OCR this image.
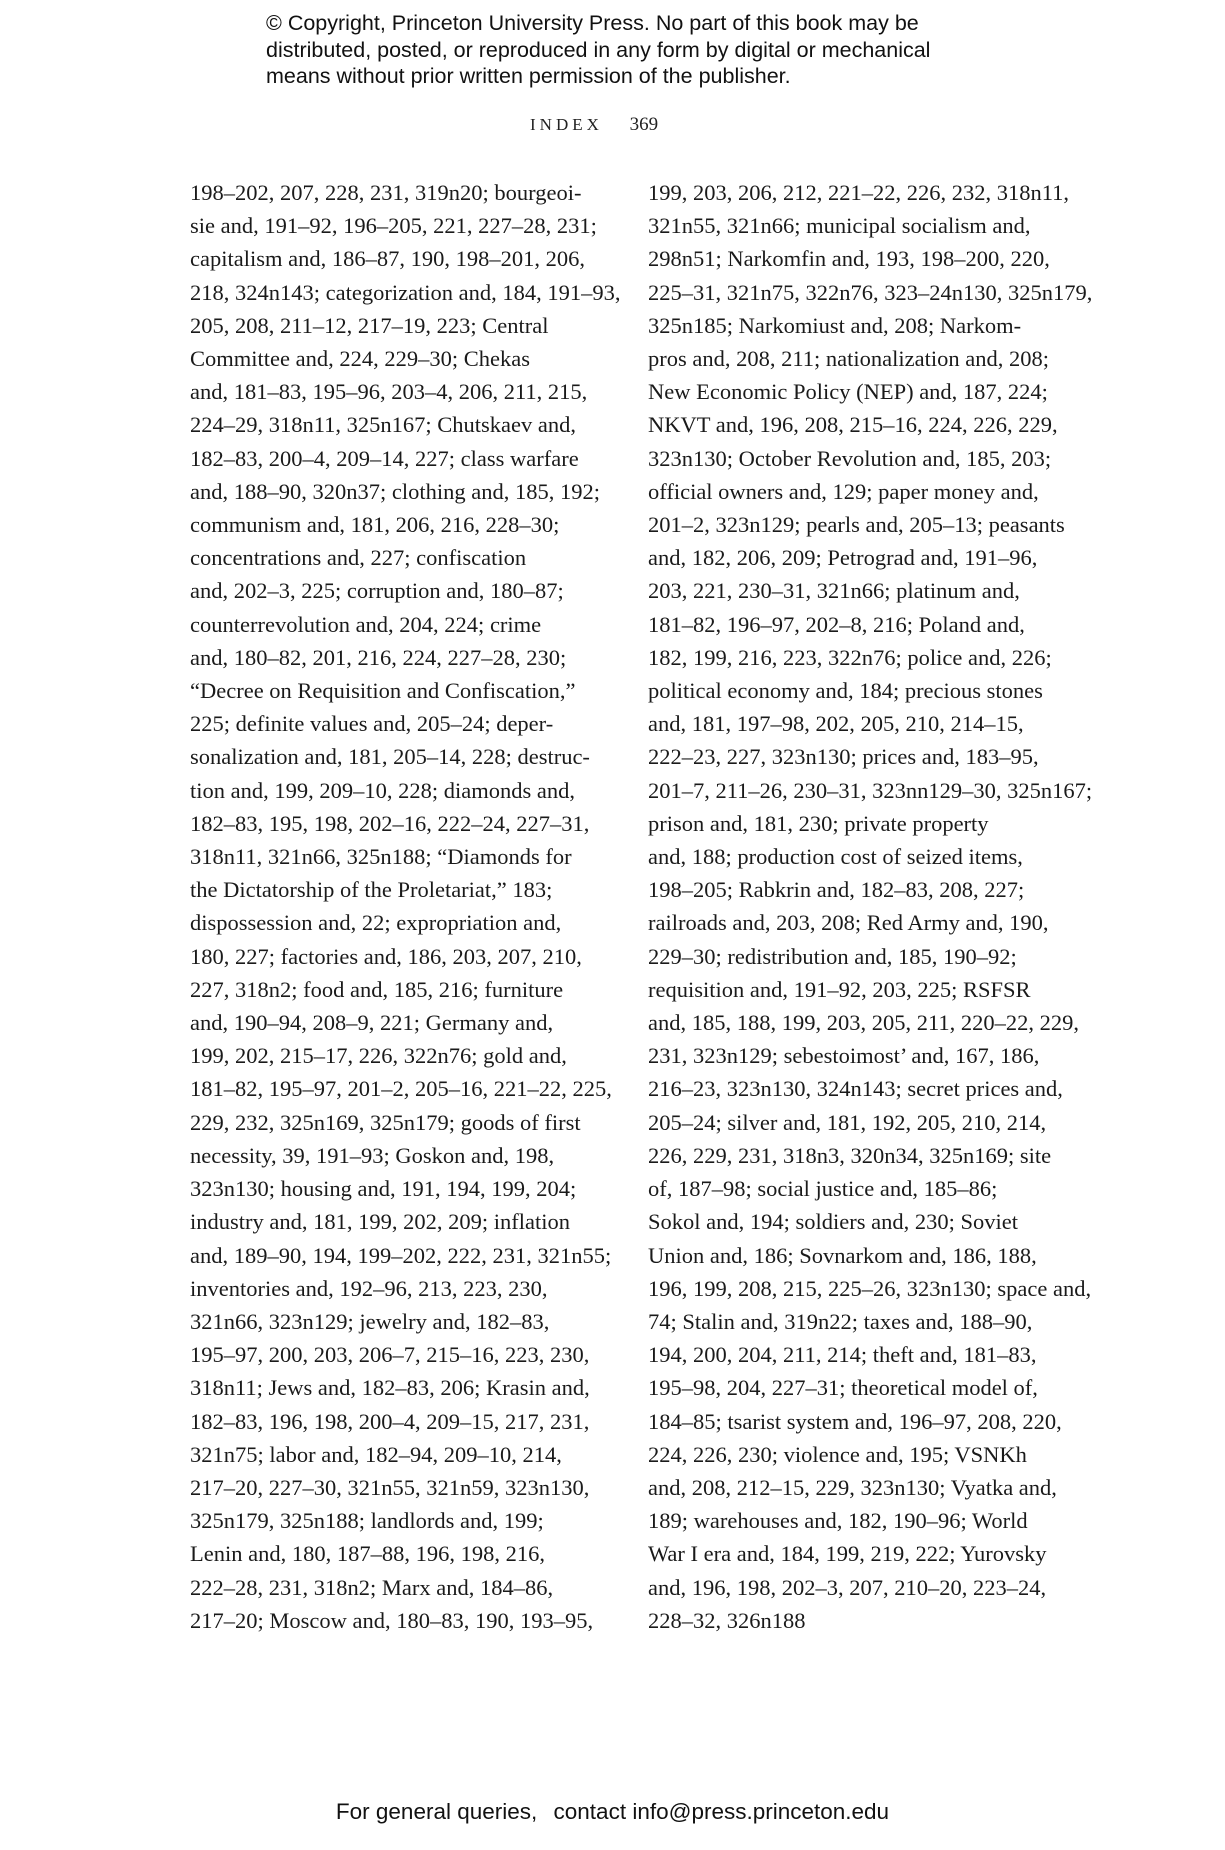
© Copyright, Princeton University Press. No part of this book may be
distributed, posted, or reproduced in any form by digital or mechanical
means without prior written permission of the publisher.
INDEX 369
198–202, 207, 228, 231, 319n20; bourgeoi-
sie and, 191–92, 196–205, 221, 227–28, 231;
capitalism and, 186–87, 190, 198–201, 206,
218, 324n143; categorization and, 184, 191–93,
205, 208, 211–12, 217–19, 223; Central
Committee and, 224, 229–30; Chekas
and, 181–83, 195–96, 203–4, 206, 211, 215,
224–29, 318n11, 325n167; Chutskaev and,
182–83, 200–4, 209–14, 227; class warfare
and, 188–90, 320n37; clothing and, 185, 192;
communism and, 181, 206, 216, 228–30;
concentrations and, 227; confiscation
and, 202–3, 225; corruption and, 180–87;
counterrevolution and, 204, 224; crime
and, 180–82, 201, 216, 224, 227–28, 230;
“Decree on Requisition and Confiscation,”
225; definite values and, 205–24; deper-
sonalization and, 181, 205–14, 228; destruc-
tion and, 199, 209–10, 228; diamonds and,
182–83, 195, 198, 202–16, 222–24, 227–31,
318n11, 321n66, 325n188; “Diamonds for
the Dictatorship of the Proletariat,” 183;
dispossession and, 22; expropriation and,
180, 227; factories and, 186, 203, 207, 210,
227, 318n2; food and, 185, 216; furniture
and, 190–94, 208–9, 221; Germany and,
199, 202, 215–17, 226, 322n76; gold and,
181–82, 195–97, 201–2, 205–16, 221–22, 225,
229, 232, 325n169, 325n179; goods of first
necessity, 39, 191–93; Goskon and, 198,
323n130; housing and, 191, 194, 199, 204;
industry and, 181, 199, 202, 209; inflation
and, 189–90, 194, 199–202, 222, 231, 321n55;
inventories and, 192–96, 213, 223, 230,
321n66, 323n129; jewelry and, 182–83,
195–97, 200, 203, 206–7, 215–16, 223, 230,
318n11; Jews and, 182–83, 206; Krasin and,
182–83, 196, 198, 200–4, 209–15, 217, 231,
321n75; labor and, 182–94, 209–10, 214,
217–20, 227–30, 321n55, 321n59, 323n130,
325n179, 325n188; landlords and, 199;
Lenin and, 180, 187–88, 196, 198, 216,
222–28, 231, 318n2; Marx and, 184–86,
217–20; Moscow and, 180–83, 190, 193–95,
199, 203, 206, 212, 221–22, 226, 232, 318n11,
321n55, 321n66; municipal socialism and,
298n51; Narkomfin and, 193, 198–200, 220,
225–31, 321n75, 322n76, 323–24n130, 325n179,
325n185; Narkomiust and, 208; Narkom-
pros and, 208, 211; nationalization and, 208;
New Economic Policy (NEP) and, 187, 224;
NKVT and, 196, 208, 215–16, 224, 226, 229,
323n130; October Revolution and, 185, 203;
official owners and, 129; paper money and,
201–2, 323n129; pearls and, 205–13; peasants
and, 182, 206, 209; Petrograd and, 191–96,
203, 221, 230–31, 321n66; platinum and,
181–82, 196–97, 202–8, 216; Poland and,
182, 199, 216, 223, 322n76; police and, 226;
political economy and, 184; precious stones
and, 181, 197–98, 202, 205, 210, 214–15,
222–23, 227, 323n130; prices and, 183–95,
201–7, 211–26, 230–31, 323nn129–30, 325n167;
prison and, 181, 230; private property
and, 188; production cost of seized items,
198–205; Rabkrin and, 182–83, 208, 227;
railroads and, 203, 208; Red Army and, 190,
229–30; redistribution and, 185, 190–92;
requisition and, 191–92, 203, 225; RSFSR
and, 185, 188, 199, 203, 205, 211, 220–22, 229,
231, 323n129; sebestoimost’ and, 167, 186,
216–23, 323n130, 324n143; secret prices and,
205–24; silver and, 181, 192, 205, 210, 214,
226, 229, 231, 318n3, 320n34, 325n169; site
of, 187–98; social justice and, 185–86;
Sokol and, 194; soldiers and, 230; Soviet
Union and, 186; Sovnarkom and, 186, 188,
196, 199, 208, 215, 225–26, 323n130; space and,
74; Stalin and, 319n22; taxes and, 188–90,
194, 200, 204, 211, 214; theft and, 181–83,
195–98, 204, 227–31; theoretical model of,
184–85; tsarist system and, 196–97, 208, 220,
224, 226, 230; violence and, 195; VSNKh
and, 208, 212–15, 229, 323n130; Vyatka and,
189; warehouses and, 182, 190–96; World
War I era and, 184, 199, 219, 222; Yurovsky
and, 196, 198, 202–3, 207, 210–20, 223–24,
228–32, 326n188
For general queries, contact info@press.princeton.edu
